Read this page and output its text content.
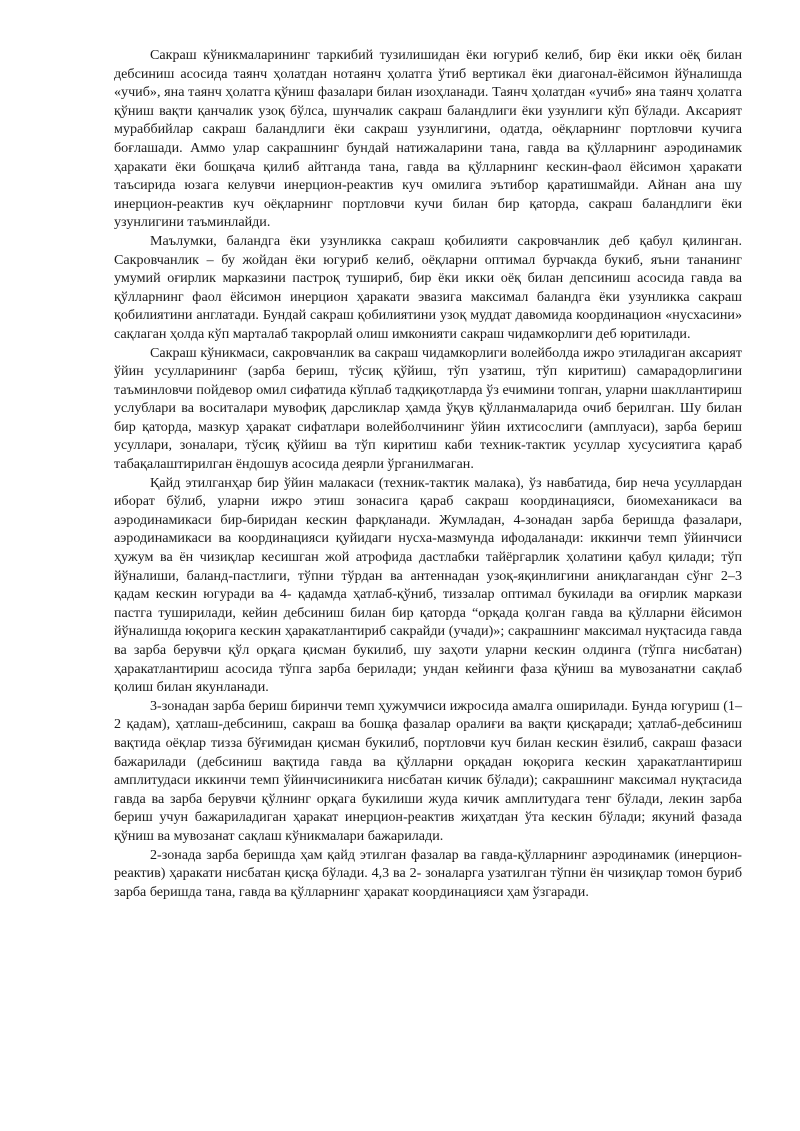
Сакраш кўникмаларининг таркибий тузилишидан ёки югуриб келиб, бир ёки икки оёқ билан дебсиниш асосида таянч ҳолатдан нотаянч ҳолатга ўтиб вертикал ёки диагонал-ёйсимон йўналишда «учиб», яна таянч ҳолатга қўниш фазалари билан изоҳланади. Таянч ҳолатдан «учиб» яна таянч ҳолатга қўниш вақти қанчалик узоқ бўлса, шунчалик сакраш баландлиги ёки узунлиги кўп бўлади. Аксарият мураббийлар сакраш баландлиги ёки сакраш узунлигини, одатда, оёқларнинг портловчи кучига боғлашади. Аммо улар сакрашнинг бундай натижаларини тана, гавда ва қўлларнинг аэродинамик ҳаракати ёки бошқача қилиб айтганда тана, гавда ва қўлларнинг кескин-фаол ёйсимон ҳаракати таъсирида юзага келувчи инерцион-реактив куч омилига эътибор қаратишмайди. Айнан ана шу инерцион-реактив куч оёқларнинг портловчи кучи билан бир қаторда, сакраш баландлиги ёки узунлигини таъминлайди.

Маълумки, баландга ёки узунликка сакраш қобилияти сакровчанлик деб қабул қилинган. Сакровчанлик – бу жойдан ёки югуриб келиб, оёқларни оптимал бурчакда букиб, яъни тананинг умумий оғирлик марказини пастроқ тушириб, бир ёки икки оёқ билан депсиниш асосида гавда ва қўлларнинг фаол ёйсимон инерцион ҳаракати эвазига максимал баландга ёки узунликка сакраш қобилиятини англатади. Бундай сакраш қобилиятини узоқ муддат давомида координацион «нусхасини» сақлаган ҳолда кўп марталаб такрорлай олиш имконияти сакраш чидамкорлиги деб юритилади.

Сакраш кўникмаси, сакровчанлик ва сакраш чидамкорлиги волейболда ижро этиладиган аксарият ўйин усулларининг (зарба бериш, тўсиқ қўйиш, тўп узатиш, тўп киритиш) самарадорлигини таъминловчи пойдевор омил сифатида кўплаб тадқиқотларда ўз ечимини топган, уларни шакллантириш услублари ва воситалари мувофиқ дарсликлар ҳамда ўқув қўлланмаларида очиб берилган. Шу билан бир қаторда, мазкур ҳаракат сифатлари волейболчининг ўйин ихтисослиги (амплуаси), зарба бериш усуллари, зоналари, тўсиқ қўйиш ва тўп киритиш каби техник-тактик усуллар хусусиятига қараб табақалаштирилган ёндошув асосида деярли ўрганилмаган.

Қайд этилганҳар бир ўйин малакаси (техник-тактик малака), ўз навбатида, бир неча усуллардан иборат бўлиб, уларни ижро этиш зонасига қараб сакраш координацияси, биомеханикаси ва аэродинамикаси бир-биридан кескин фарқланади. Жумладан, 4-зонадан зарба беришда фазалари, аэродинамикаси ва координацияси қуйидаги нусха-мазмунда ифодаланади: иккинчи темп ўйинчиси ҳужум ва ён чизиқлар кесишган жой атрофида дастлабки тайёргарлик ҳолатини қабул қилади; тўп йўналиши, баланд-пастлиги, тўпни тўрдан ва антеннадан узоқ-яқинлигини аниқлагандан сўнг 2–3 қадам кескин югуради ва 4- қадамда ҳатлаб-қўниб, тиззалар оптимал букилади ва оғирлик маркази пастга туширилади, кейин дебсиниш билан бир қаторда “орқада қолган гавда ва қўлларни ёйсимон йўналишда юқорига кескин ҳаракатлантириб сакрайди (учади)»; сакрашнинг максимал нуқтасида гавда ва зарба берувчи қўл орқага қисман букилиб, шу заҳоти уларни кескин олдинга (тўпга нисбатан) ҳаракатлантириш асосида тўпга зарба берилади; ундан кейинги фаза қўниш ва мувозанатни сақлаб қолиш билан якунланади.

3-зонадан зарба бериш биринчи темп ҳужумчиси ижросида амалга оширилади. Бунда югуриш (1–2 қадам), ҳатлаш-дебсиниш, сакраш ва бошқа фазалар оралиғи ва вақти қисқаради; ҳатлаб-дебсиниш вақтида оёқлар тизза бўғимидан қисман букилиб, портловчи куч билан кескин ёзилиб, сакраш фазаси бажарилади (дебсиниш вақтида гавда ва қўлларни орқадан юқорига кескин ҳаракатлантириш амплитудаси иккинчи темп ўйинчисиникига нисбатан кичик бўлади); сакрашнинг максимал нуқтасида гавда ва зарба берувчи қўлнинг орқага букилиши жуда кичик амплитудага тенг бўлади, лекин зарба бериш учун бажариладиган ҳаракат инерцион-реактив жиҳатдан ўта кескин бўлади; якуний фазада қўниш ва мувозанат сақлаш кўникмалари бажарилади.

2-зонада зарба беришда ҳам қайд этилган фазалар ва гавда-қўлларнинг аэродинамик (инерцион-реактив) ҳаракати нисбатан қисқа бўлади. 4,3 ва 2- зоналарга узатилган тўпни ён чизиқлар томон буриб зарба беришда тана, гавда ва қўлларнинг ҳаракат координацияси ҳам ўзгаради.
